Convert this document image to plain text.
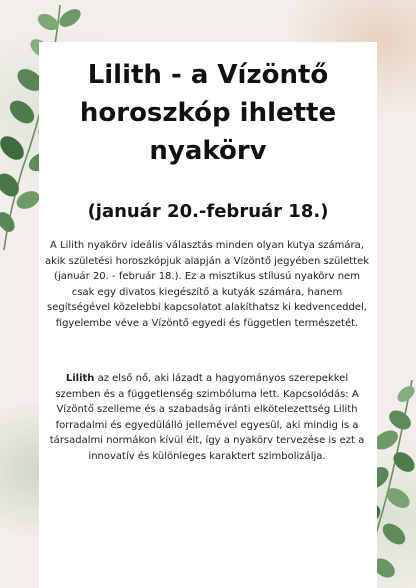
Lilith - a Vízöntő
horoszkóp ihlette
nyakörv
(január 20.-február 18.)
A Lilith nyakörv ideális választás minden olyan kutya számára, akik születési horoszkópjuk alapján a Vízöntő jegyében születtek (január 20. - február 18.). Ez a misztikus stílusú nyakörv nem csak egy divatos kiegészítő a kutyák számára, hanem segítségével közelebbi kapcsolatot alakíthatsz ki kedvenceddel, figyelembe véve a Vízöntő egyedi és független természetét.
Lilith az első nő, aki lázadt a hagyományos szerepekkel szemben és a függetlenség szimbóluma lett. Kapcsolódás: A Vízöntő szelleme és a szabadság iránti elkötelezettség Lilith forradalmi és egyedülálló jellemével egyesül, aki mindig is a társadalmi normákon kívül élt, így a nyakörv tervezése is ezt a innovatív és különleges karaktert szimbolizálja.
